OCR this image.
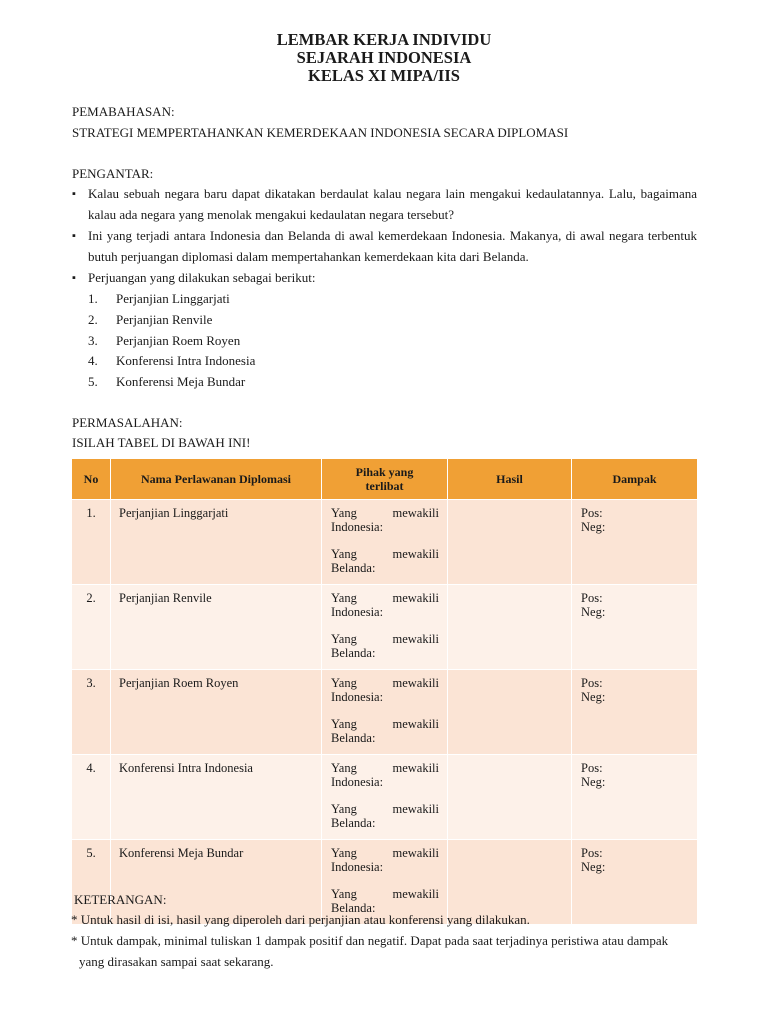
LEMBAR KERJA INDIVIDU
SEJARAH INDONESIA
KELAS XI MIPA/IIS
PEMABAHASAN:
STRATEGI MEMPERTAHANKAN KEMERDEKAAN INDONESIA SECARA DIPLOMASI
PENGANTAR:
▪ Kalau sebuah negara baru dapat dikatakan berdaulat kalau negara lain mengakui kedaulatannya. Lalu, bagaimana kalau ada negara yang menolak mengakui kedaulatan negara tersebut?
▪ Ini yang terjadi antara Indonesia dan Belanda di awal kemerdekaan Indonesia. Makanya, di awal negara terbentuk butuh perjuangan diplomasi dalam mempertahankan kemerdekaan kita dari Belanda.
▪ Perjuangan yang dilakukan sebagai berikut:
1. Perjanjian Linggarjati
2. Perjanjian Renvile
3. Perjanjian Roem Royen
4. Konferensi Intra Indonesia
5. Konferensi Meja Bundar
PERMASALAHAN:
ISILAH TABEL DI BAWAH INI!
No	Nama Perlawanan Diplomasi	Pihak yang
terlibat	Hasil	Dampak
1.	Perjanjian Linggarjati	Yang mewakili
Indonesia:
Yang mewakili
Belanda:		Pos:
Neg:

2.	Perjanjian Renvile	Yang mewakili
Indonesia:
Yang mewakili
Belanda:		Pos:
Neg:

3.	Perjanjian Roem Royen	Yang mewakili
Indonesia:
Yang mewakili
Belanda:		Pos:
Neg:

4.	Konferensi Intra Indonesia	Yang mewakili
Indonesia:
Yang mewakili
Belanda:		Pos:
Neg:

5.	Konferensi Meja Bundar	Yang mewakili
Indonesia:
Yang mewakili
Belanda:		Pos:
Neg:
KETERANGAN:
* Untuk hasil di isi, hasil yang diperoleh dari perjanjian atau konferensi yang dilakukan.
* Untuk dampak, minimal tuliskan 1 dampak positif dan negatif. Dapat pada saat terjadinya peristiwa atau dampak
yang dirasakan sampai saat sekarang.
